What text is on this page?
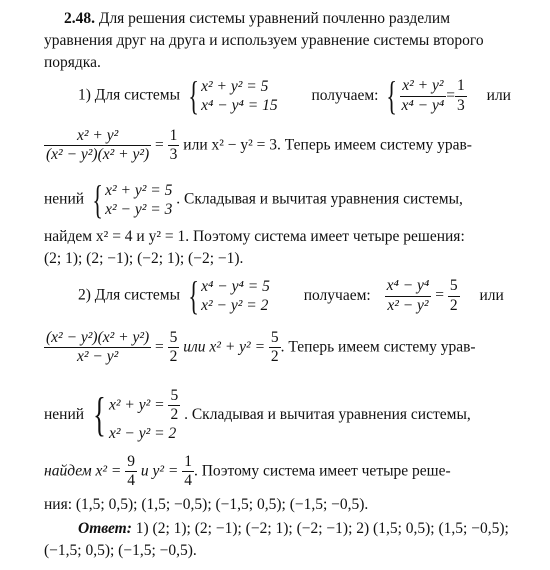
2.48. Для решения системы уравнений почленно разделим
уравнения друг на друга и используем уравнение системы второго
порядка.
1) Для системы { x² + y² = 5
x⁴ − y⁴ = 15
получаем: { $\frac{\text{x² + y²}}{\text{x⁴ − y⁴}} = \frac{1}{3}$ или
$\frac{\text{x² + y²}}{\text{(x² − y²)(x² + y²)}} = \frac{1}{3}$ или x² − y² = 3. Теперь имеем систему урав-
нений { x² + y² = 5
x² − y² = 3
. Складывая и вычитая уравнения системы,
найдем x² = 4 и y² = 1. Поэтому система имеет четыре решения:
(2; 1); (2; −1); (−2; 1); (−2; −1).
2) Для системы { x⁴ − y⁴ = 5
x² − y² = 2
получаем: $\frac{\text{x⁴ − y⁴}}{\text{x² − y²}} = \frac{5}{2}$ или
$\frac{\text{(x² − y²)(x² + y²)}}{\text{x² − y²}} = \frac{5}{2}$ или $x^2 + y^2 = \frac{5}{2}$ . Теперь имеем систему урав-
нений { $x^2 + y^2 = \frac{5}{2}$
x² − y² = 2
. Складывая и вычитая уравнения системы,
найдем $x^2 = \frac{9}{4}$ и $y^2 = \frac{1}{4}$ . Поэтому система имеет четыре реше-
ния: (1,5; 0,5); (1,5; −0,5); (−1,5; 0,5); (−1,5; −0,5).
Ответ: 1) (2; 1); (2; −1); (−2; 1); (−2; −1); 2) (1,5; 0,5); (1,5; −0,5);
(−1,5; 0,5); (−1,5; −0,5).
